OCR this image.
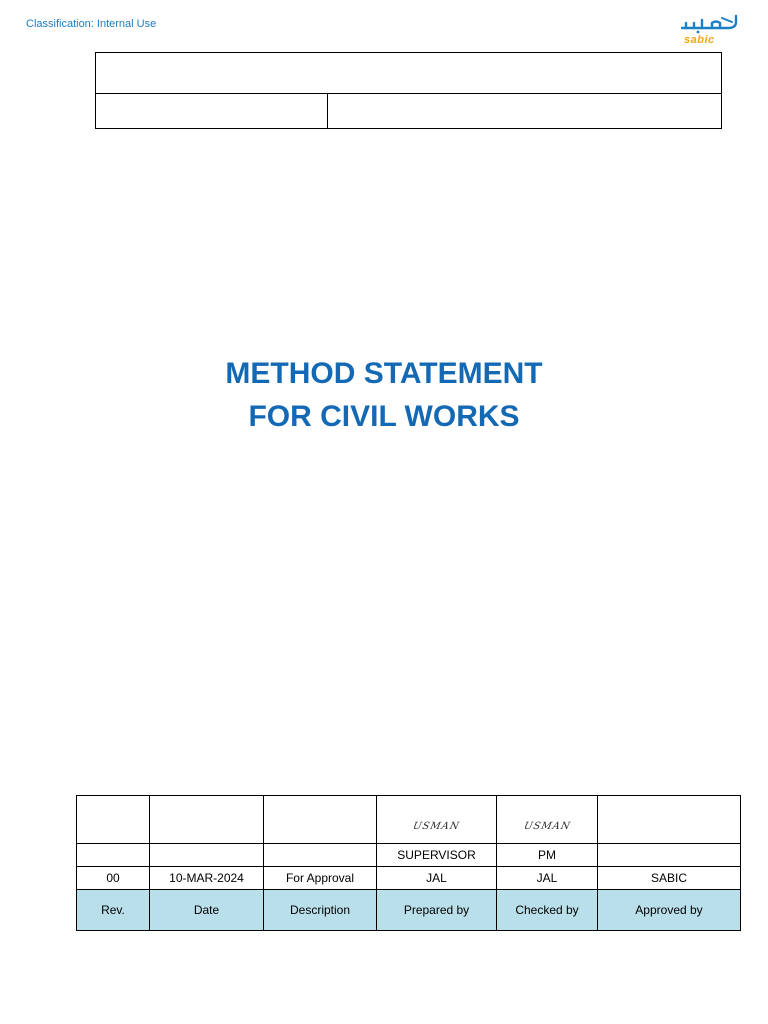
Classification: Internal Use
sabic

METHOD STATEMENT
FOR CIVIL WORKS
			USMAN	USMAN	
			SUPERVISOR	PM	
00	10-MAR-2024	For Approval	JAL	JAL	SABIC
Rev.	Date	Description	Prepared by	Checked by	Approved by
